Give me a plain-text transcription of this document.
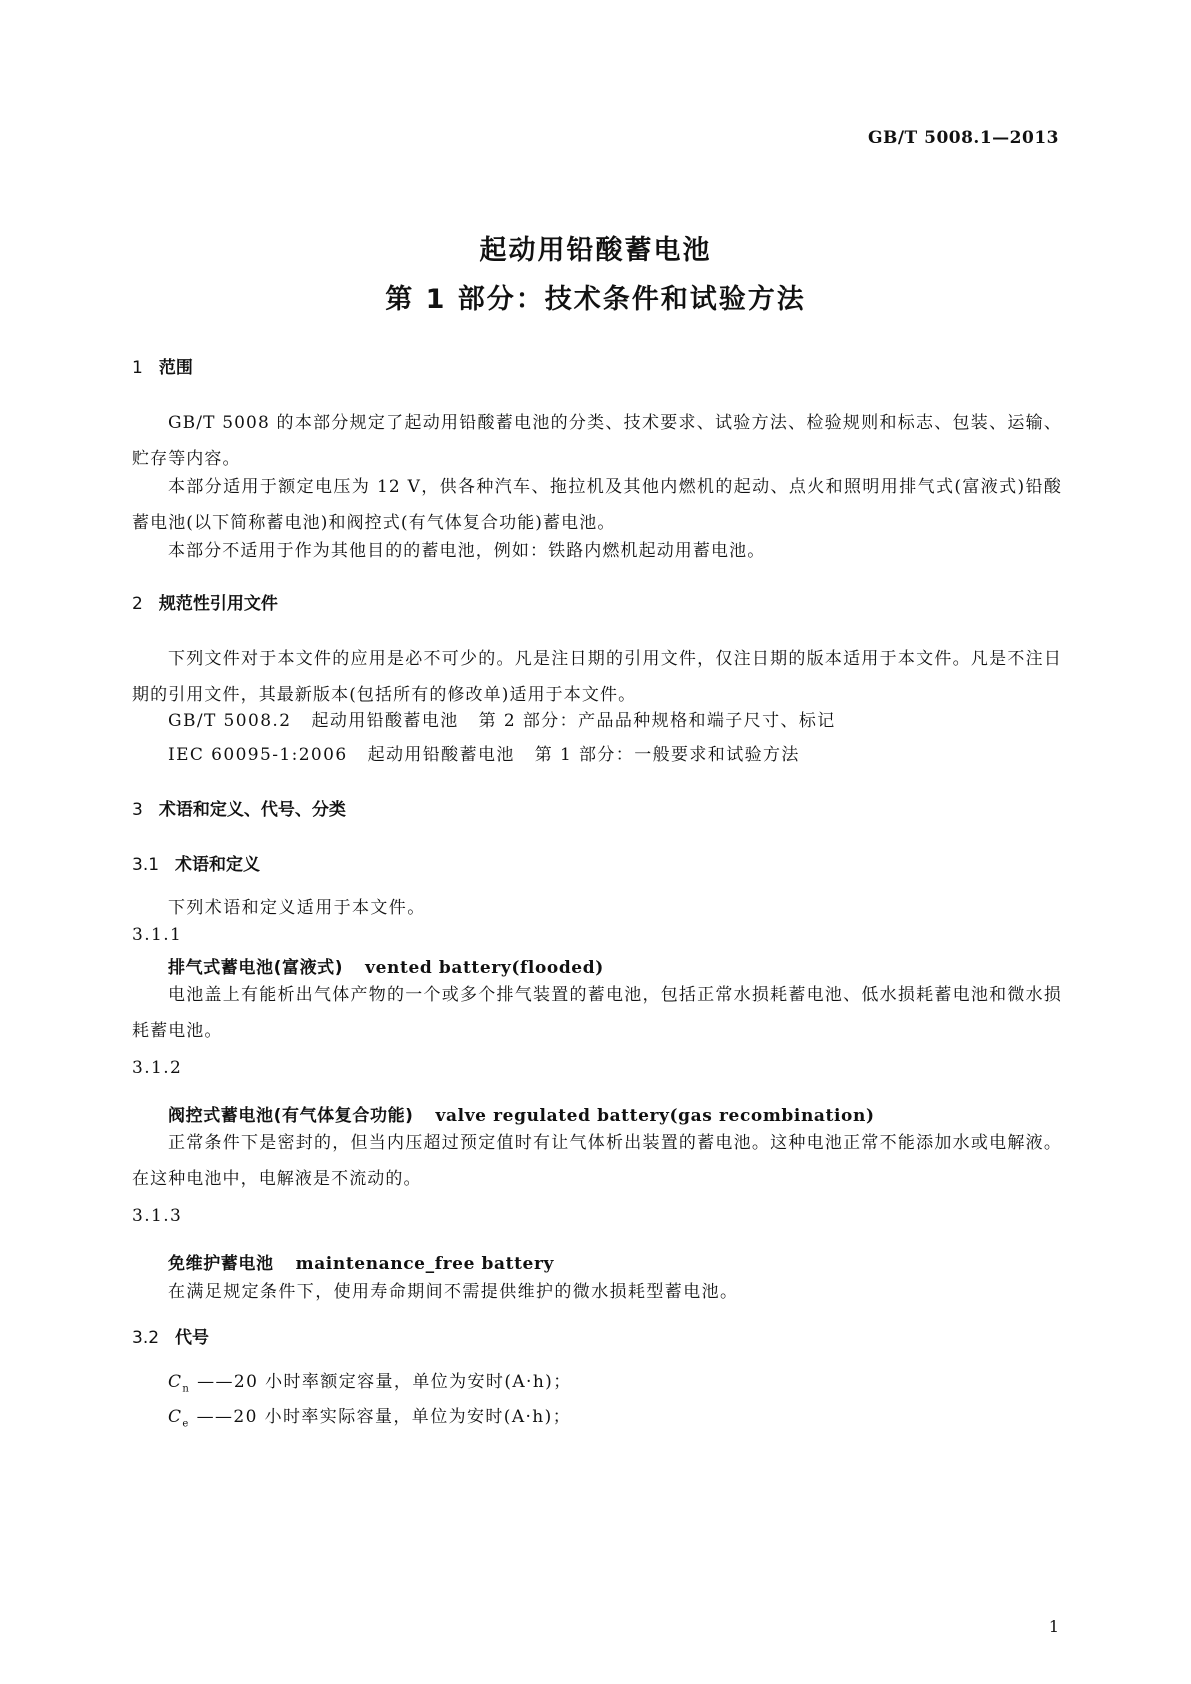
GB/T 5008.1—2013
起动用铅酸蓄电池
第 1 部分：技术条件和试验方法
1 范围
GB/T 5008 的本部分规定了起动用铅酸蓄电池的分类、技术要求、试验方法、检验规则和标志、包装、运输、贮存等内容。
本部分适用于额定电压为 12 V，供各种汽车、拖拉机及其他内燃机的起动、点火和照明用排气式(富液式)铅酸蓄电池(以下简称蓄电池)和阀控式(有气体复合功能)蓄电池。
本部分不适用于作为其他目的的蓄电池，例如：铁路内燃机起动用蓄电池。
2 规范性引用文件
下列文件对于本文件的应用是必不可少的。凡是注日期的引用文件，仅注日期的版本适用于本文件。凡是不注日期的引用文件，其最新版本(包括所有的修改单)适用于本文件。
GB/T 5008.2 起动用铅酸蓄电池 第 2 部分：产品品种规格和端子尺寸、标记
IEC 60095-1:2006 起动用铅酸蓄电池 第 1 部分：一般要求和试验方法
3 术语和定义、代号、分类
3.1 术语和定义
下列术语和定义适用于本文件。
3.1.1
排气式蓄电池(富液式) vented battery(flooded)
电池盖上有能析出气体产物的一个或多个排气装置的蓄电池，包括正常水损耗蓄电池、低水损耗蓄电池和微水损耗蓄电池。
3.1.2
阀控式蓄电池(有气体复合功能) valve regulated battery(gas recombination)
正常条件下是密封的，但当内压超过预定值时有让气体析出装置的蓄电池。这种电池正常不能添加水或电解液。在这种电池中，电解液是不流动的。
3.1.3
免维护蓄电池 maintenance_free battery
在满足规定条件下，使用寿命期间不需提供维护的微水损耗型蓄电池。
3.2 代号
$C_n$ ——20 小时率额定容量，单位为安时(A·h)；
$C_e$ ——20 小时率实际容量，单位为安时(A·h)；
1
